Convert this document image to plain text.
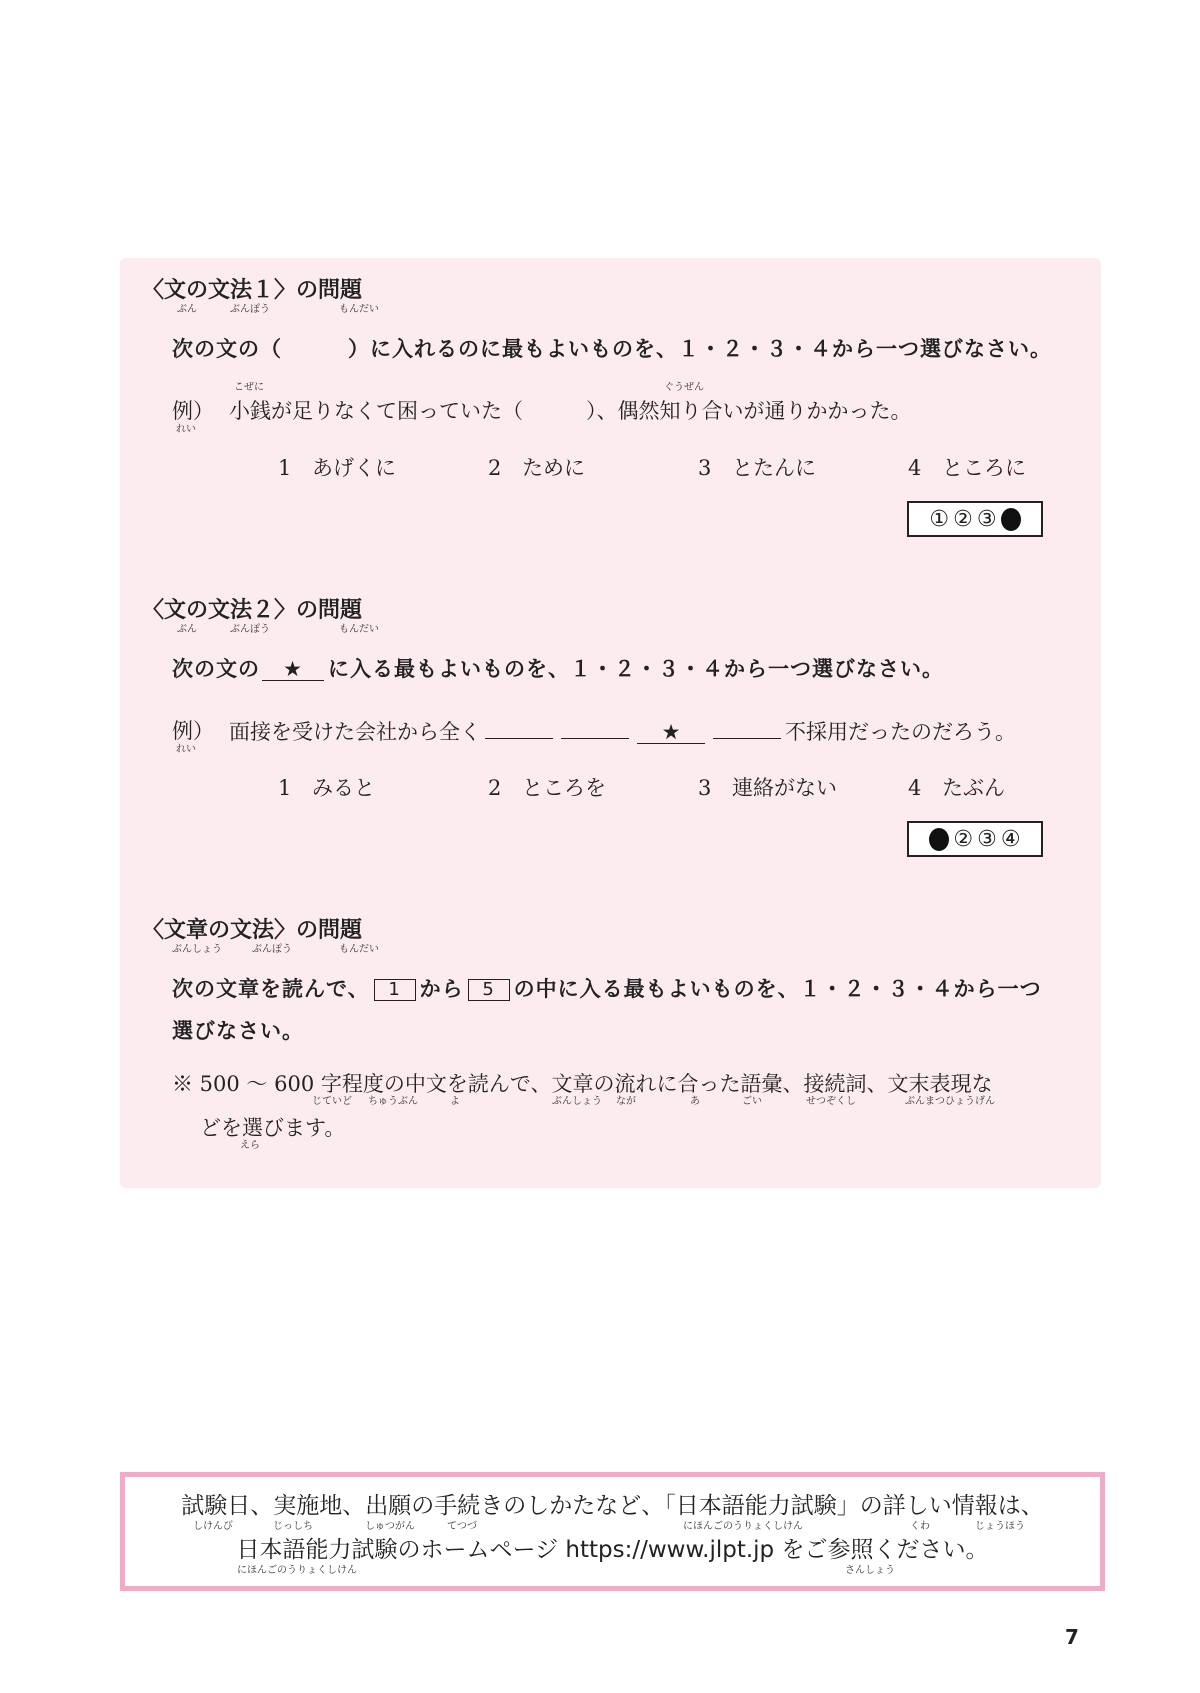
〈文の文法１〉の問題
ぶん	ぶんぽう	もんだい
次の文の（　　　）に入れるのに最もよいものを、１・２・３・４から一つ選びなさい。
例）
れい
小銭が足りなくて困っていた（　　　）、偶然知り合いが通りかかった。
こぜに	ぐうぜん
1 あげくに	2 ために	3 とたんに	4 ところに
① ② ③
〈文の文法２〉の問題
ぶん	ぶんぽう	もんだい
次の文の ★ に入る最もよいものを、１・２・３・４から一つ選びなさい。
例）
れい
面接を受けた会社から全く	★	不採用だったのだろう。
1 みると	2 ところを	3 連絡がない	4 たぶん
② ③ ④
〈文章の文法〉の問題
ぶんしょう	ぶんぽう	もんだい
次の文章を読んで、 1 から 5 の中に入る最もよいものを、１・２・３・４から一つ
選びなさい。
※ 500 ～ 600 字程度の中文を読んで、文章の流れに合った語彙、接続詞、文末表現な
じていど ちゅうぶん	よ	ぶんしょう なが	あ	ごい	せつぞくし	ぶんまつひょうげん
どを選びます。
えら
試験日、実施地、出願の手続きのしかたなど、「日本語能力試験」の詳しい情報は、
しけんび	じっしち	しゅつがん	てつづ	にほんごのうりょくしけん	くわ	じょうほう
日本語能力試験のホームページ https://www.jlpt.jp をご参照ください。
にほんごのうりょくしけん	さんしょう
7
